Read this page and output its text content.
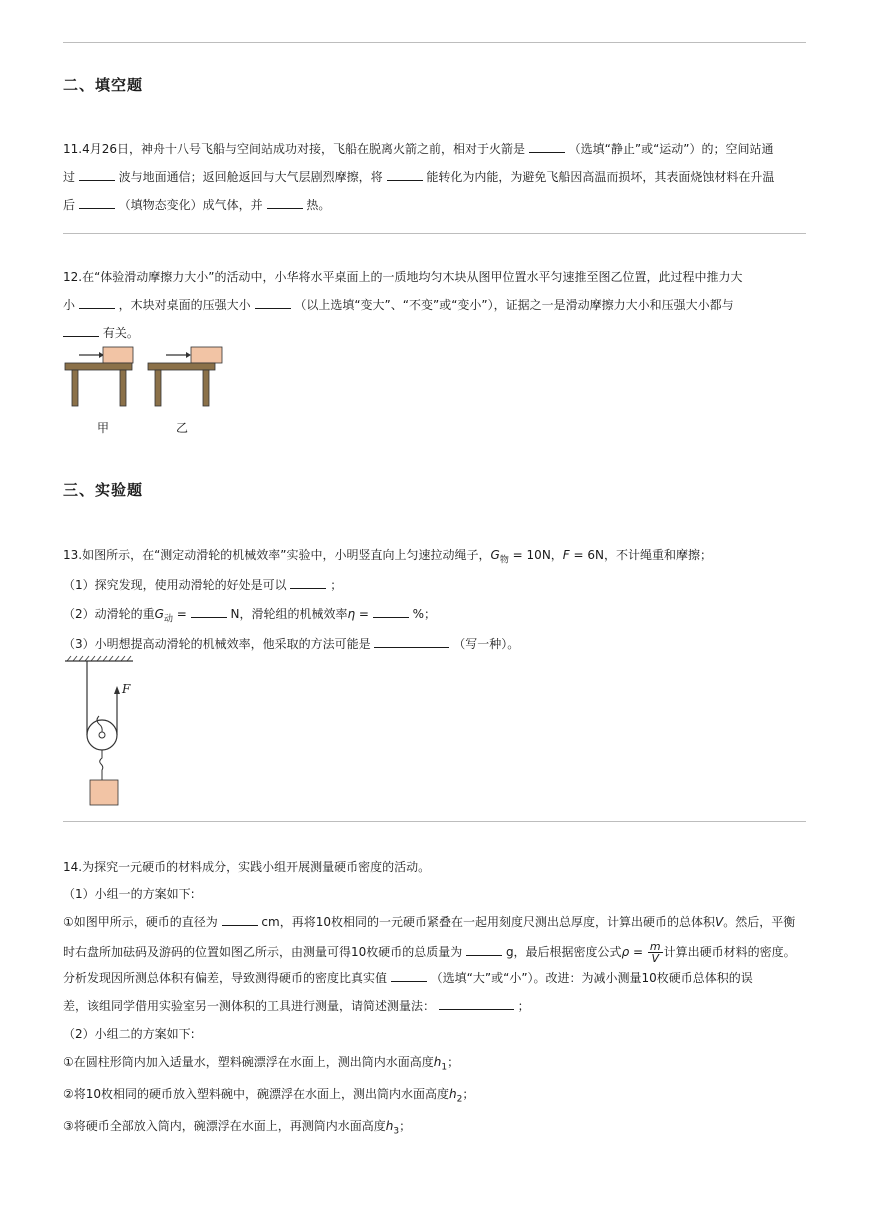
二、填空题
11.4月26日，神舟十八号飞船与空间站成功对接，飞船在脱离火箭之前，相对于火箭是	（选填“静止”或“运动”）的；空间站通
过	波与地面通信；返回舱返回与大气层剧烈摩擦，将	能转化为内能，为避免飞船因高温而损坏，其表面烧蚀材料在升温
后	（填物态变化）成气体，并	热。
12.在“体验滑动摩擦力大小”的活动中，小华将水平桌面上的一质地均匀木块从图甲位置水平匀速推至图乙位置，此过程中推力大
小	，木块对桌面的压强大小	（以上选填“变大”、“不变”或“变小”），证据之一是滑动摩擦力大小和压强大小都与
有关。
甲	乙
三、实验题
13.如图所示，在“测定动滑轮的机械效率”实验中，小明竖直向上匀速拉动绳子，$G_物 = 10N$，F = 6N，不计绳重和摩擦；
（1）探究发现，使用动滑轮的好处是可以	；
（2）动滑轮的重$G_动$ =	N，滑轮组的机械效率η =	%；
（3）小明想提高动滑轮的机械效率，他采取的方法可能是	（写一种）。
F
14.为探究一元硬币的材料成分，实践小组开展测量硬币密度的活动。
（1）小组一的方案如下:
①如图甲所示，硬币的直径为	cm，再将10枚相同的一元硬币紧叠在一起用刻度尺测出总厚度，计算出硬币的总体积V。然后，平衡
时右盘所加砝码及游码的位置如图乙所示，由测量可得10枚硬币的总质量为	g，最后根据密度公式$\rho = \frac{m}{V}$ 计算出硬币材料的密度。
分析发现因所测总体积有偏差，导致测得硬币的密度比真实值	（选填“大”或“小”）。改进：为减小测量10枚硬币总体积的误
差，该组同学借用实验室另一测体积的工具进行测量，请简述测量法：	；
（2）小组二的方案如下:
①在圆柱形筒内加入适量水，塑料碗漂浮在水面上，测出筒内水面高度$h_1$；
②将10枚相同的硬币放入塑料碗中，碗漂浮在水面上，测出筒内水面高度$h_2$；
③将硬币全部放入筒内，碗漂浮在水面上，再测筒内水面高度$h_3$；
